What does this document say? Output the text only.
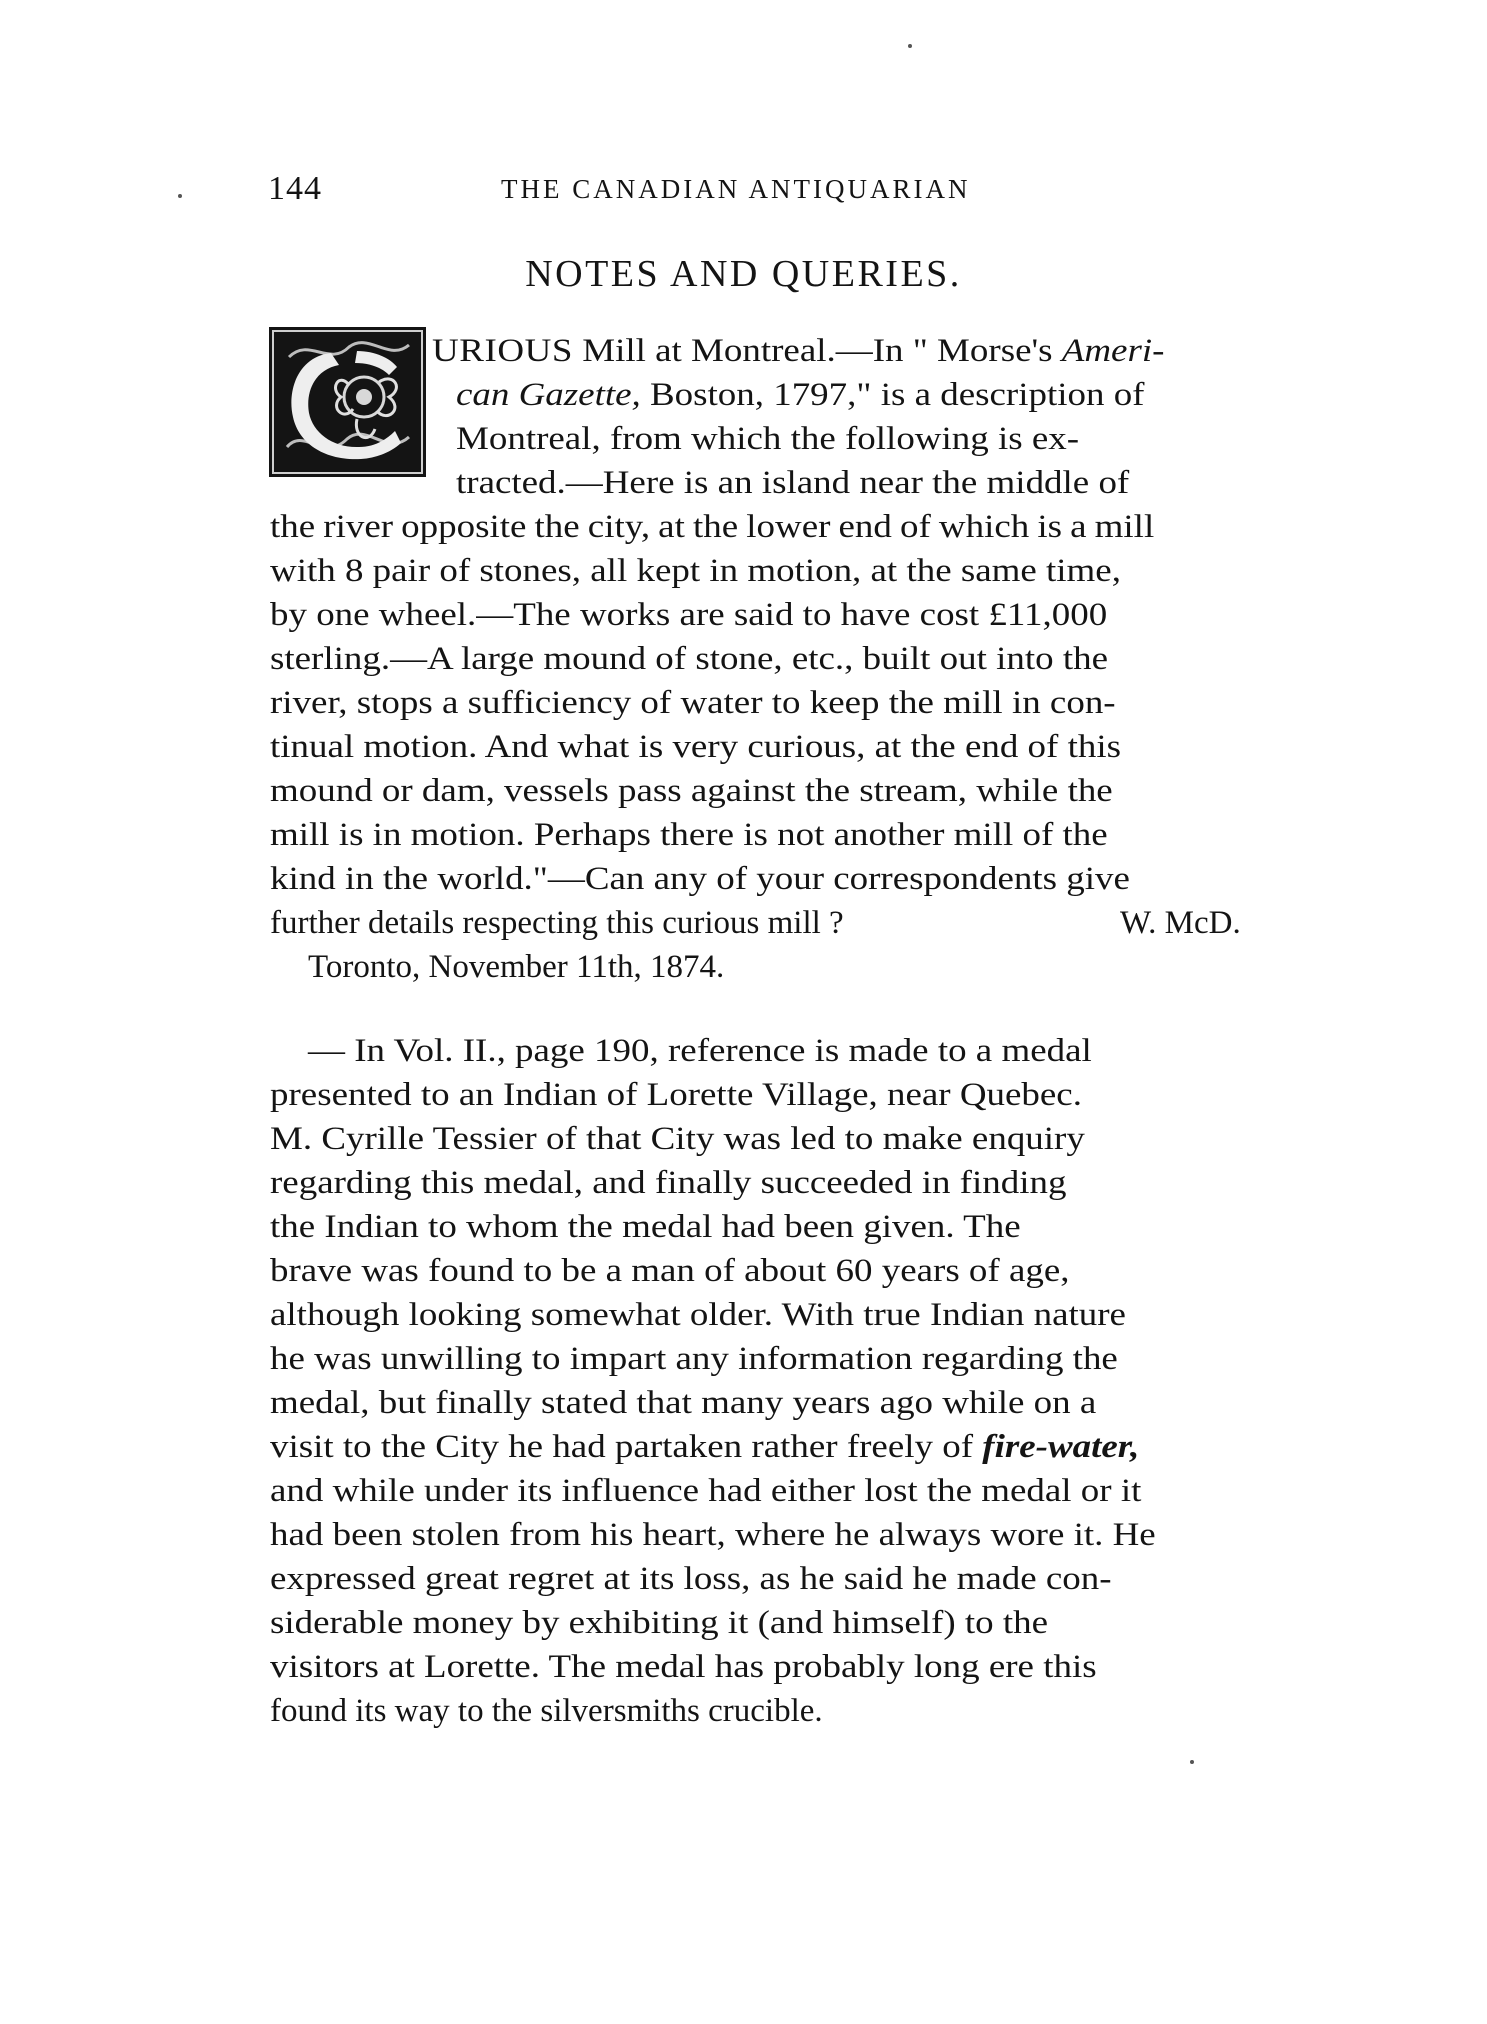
144	THE CANADIAN ANTIQUARIAN
NOTES AND QUERIES.
URIOUS Mill at Montreal.—In " Morse's Ameri-
can Gazette, Boston, 1797," is a description of
Montreal, from which the following is ex-
tracted.—Here is an island near the middle of
the river opposite the city, at the lower end of which is a mill
with 8 pair of stones, all kept in motion, at the same time,
by one wheel.—The works are said to have cost £11,000
sterling.—A large mound of stone, etc., built out into the
river, stops a sufficiency of water to keep the mill in con-
tinual motion. And what is very curious, at the end of this
mound or dam, vessels pass against the stream, while the
mill is in motion. Perhaps there is not another mill of the
kind in the world."—Can any of your correspondents give
further details respecting this curious mill ?	W. McD.
Toronto, November 11th, 1874.
— In Vol. II., page 190, reference is made to a medal
presented to an Indian of Lorette Village, near Quebec.
M. Cyrille Tessier of that City was led to make enquiry
regarding this medal, and finally succeeded in finding
the Indian to whom the medal had been given. The
brave was found to be a man of about 60 years of age,
although looking somewhat older. With true Indian nature
he was unwilling to impart any information regarding the
medal, but finally stated that many years ago while on a
visit to the City he had partaken rather freely of fire-water,
and while under its influence had either lost the medal or it
had been stolen from his heart, where he always wore it. He
expressed great regret at its loss, as he said he made con-
siderable money by exhibiting it (and himself) to the
visitors at Lorette. The medal has probably long ere this
found its way to the silversmiths crucible.
